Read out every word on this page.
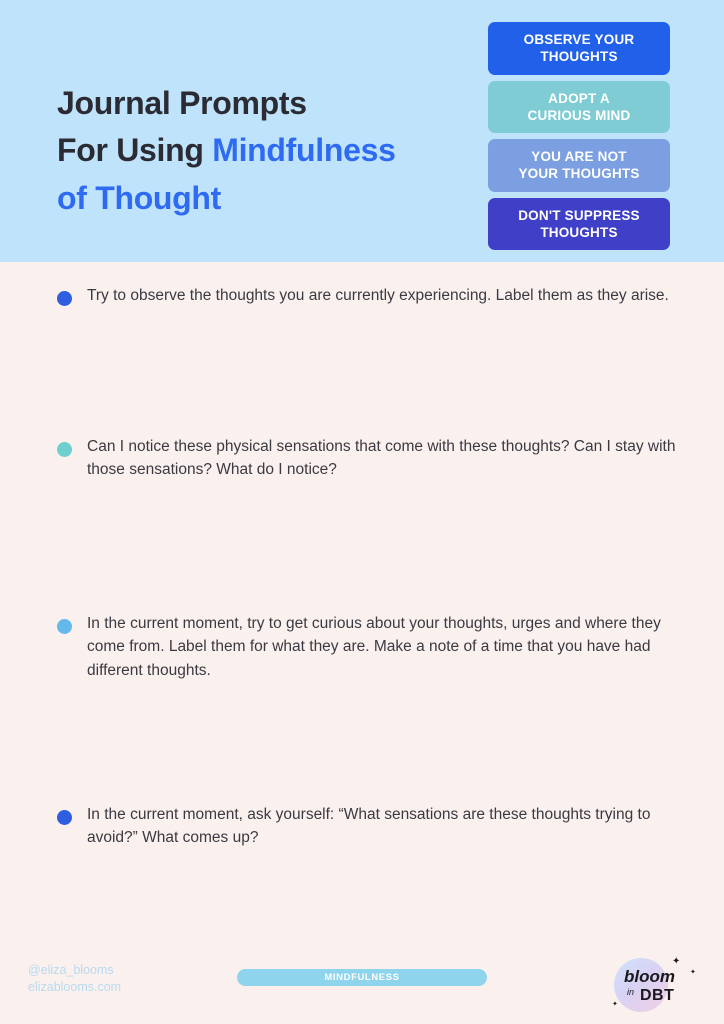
Journal Prompts
For Using Mindfulness
of Thought
OBSERVE YOUR
THOUGHTS
ADOPT A
CURIOUS MIND
YOU ARE NOT
YOUR THOUGHTS
DON'T SUPPRESS
THOUGHTS
Try to observe the thoughts you are currently experiencing. Label them as they arise.
Can I notice these physical sensations that come with these thoughts? Can I stay with those sensations? What do I notice?
In the current moment, try to get curious about your thoughts, urges and where they come from. Label them for what they are. Make a note of a time that you have had different thoughts.
In the current moment, ask yourself: “What sensations are these thoughts trying to avoid?” What comes up?
@eliza_blooms
elizablooms.com
MINDFULNESS
✦
✦
✦
bloom
in DBT
